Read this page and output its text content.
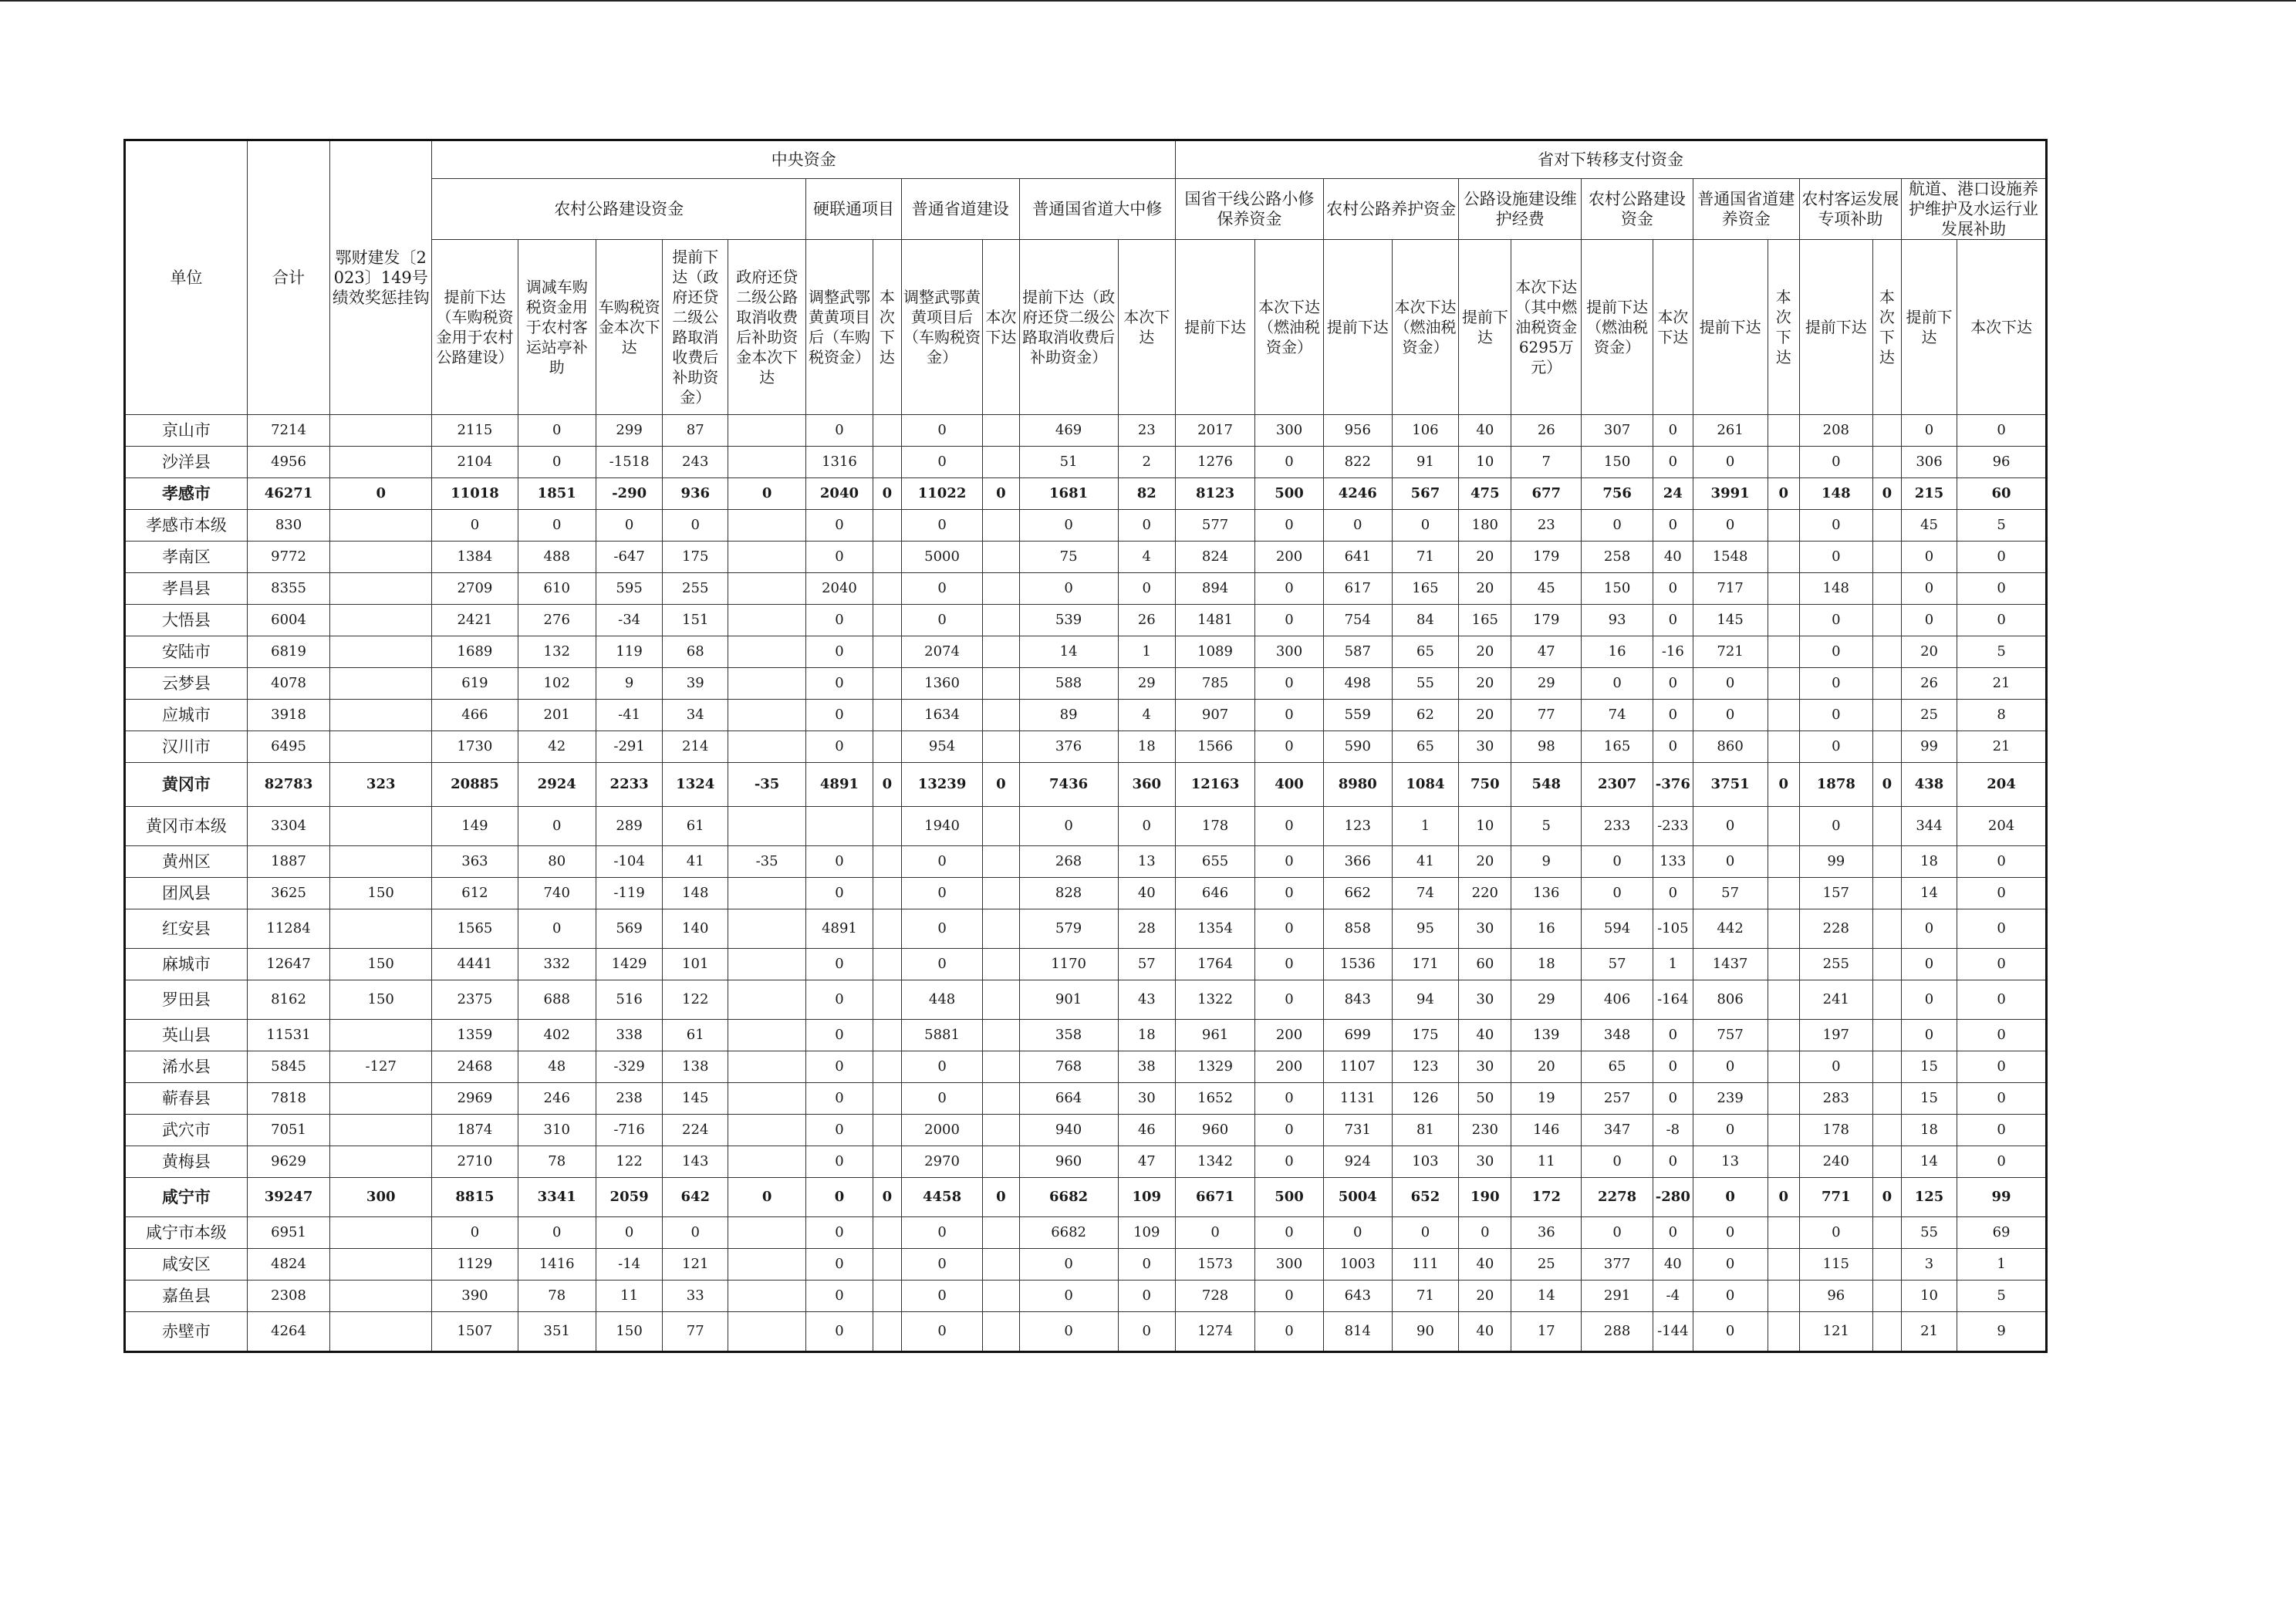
单位	合计	鄂财建发〔2023〕149号绩效奖惩挂钩	中央资金											省对下转移支付资金													
			农村公路建设资金					硬联通项目		普通省道建设		普通国省道大中修		国省干线公路小修保养资金		农村公路养护资金		公路设施建设维护经费		农村公路建设资金		普通国省道建养资金		农村客运发展专项补助		航道、港口设施养护维护及水运行业发展补助	
			提前下达（车购税资金用于农村公路建设）	调减车购税资金用于农村客运站亭补助	车购税资金本次下达	提前下达（政府还贷二级公路取消收费后补助资金）	政府还贷二级公路取消收费后补助资金本次下达	调整武鄂黄黄项目后（车购税资金）	本次下达	调整武鄂黄黄项目后（车购税资金）	本次下达	提前下达（政府还贷二级公路取消收费后补助资金）	本次下达	提前下达	本次下达（燃油税资金）	提前下达	本次下达（燃油税资金）	提前下达	本次下达（其中燃油税资金6295万元）	提前下达（燃油税资金）	本次下达	提前下达	本次下达	提前下达	本次下达	提前下达	本次下达
京山市	7214		2115	0	299	87		0		0		469	23	2017	300	956	106	40	26	307	0	261		208		0	0
沙洋县	4956		2104	0	-1518	243		1316		0		51	2	1276	0	822	91	10	7	150	0	0		0		306	96
孝感市	46271	0	11018	1851	-290	936	0	2040	0	11022	0	1681	82	8123	500	4246	567	475	677	756	24	3991	0	148	0	215	60
孝感市本级	830		0	0	0	0		0		0		0	0	577	0	0	0	180	23	0	0	0		0		45	5
孝南区	9772		1384	488	-647	175		0		5000		75	4	824	200	641	71	20	179	258	40	1548		0		0	0
孝昌县	8355		2709	610	595	255		2040		0		0	0	894	0	617	165	20	45	150	0	717		148		0	0
大悟县	6004		2421	276	-34	151		0		0		539	26	1481	0	754	84	165	179	93	0	145		0		0	0
安陆市	6819		1689	132	119	68		0		2074		14	1	1089	300	587	65	20	47	16	-16	721		0		20	5
云梦县	4078		619	102	9	39		0		1360		588	29	785	0	498	55	20	29	0	0	0		0		26	21
应城市	3918		466	201	-41	34		0		1634		89	4	907	0	559	62	20	77	74	0	0		0		25	8
汉川市	6495		1730	42	-291	214		0		954		376	18	1566	0	590	65	30	98	165	0	860		0		99	21
黄冈市	82783	323	20885	2924	2233	1324	-35	4891	0	13239	0	7436	360	12163	400	8980	1084	750	548	2307	-376	3751	0	1878	0	438	204
黄冈市本级	3304		149	0	289	61				1940		0	0	178	0	123	1	10	5	233	-233	0		0		344	204
黄州区	1887		363	80	-104	41	-35	0		0		268	13	655	0	366	41	20	9	0	133	0		99		18	0
团风县	3625	150	612	740	-119	148		0		0		828	40	646	0	662	74	220	136	0	0	57		157		14	0
红安县	11284		1565	0	569	140		4891		0		579	28	1354	0	858	95	30	16	594	-105	442		228		0	0
麻城市	12647	150	4441	332	1429	101		0		0		1170	57	1764	0	1536	171	60	18	57	1	1437		255		0	0
罗田县	8162	150	2375	688	516	122		0		448		901	43	1322	0	843	94	30	29	406	-164	806		241		0	0
英山县	11531		1359	402	338	61		0		5881		358	18	961	200	699	175	40	139	348	0	757		197		0	0
浠水县	5845	-127	2468	48	-329	138		0		0		768	38	1329	200	1107	123	30	20	65	0	0		0		15	0
蕲春县	7818		2969	246	238	145		0		0		664	30	1652	0	1131	126	50	19	257	0	239		283		15	0
武穴市	7051		1874	310	-716	224		0		2000		940	46	960	0	731	81	230	146	347	-8	0		178		18	0
黄梅县	9629		2710	78	122	143		0		2970		960	47	1342	0	924	103	30	11	0	0	13		240		14	0
咸宁市	39247	300	8815	3341	2059	642	0	0	0	4458	0	6682	109	6671	500	5004	652	190	172	2278	-280	0	0	771	0	125	99
咸宁市本级	6951		0	0	0	0		0		0		6682	109	0	0	0	0	0	36	0	0	0		0		55	69
咸安区	4824		1129	1416	-14	121		0		0		0	0	1573	300	1003	111	40	25	377	40	0		115		3	1
嘉鱼县	2308		390	78	11	33		0		0		0	0	728	0	643	71	20	14	291	-4	0		96		10	5
赤壁市	4264		1507	351	150	77		0		0		0	0	1274	0	814	90	40	17	288	-144	0		121		21	9
